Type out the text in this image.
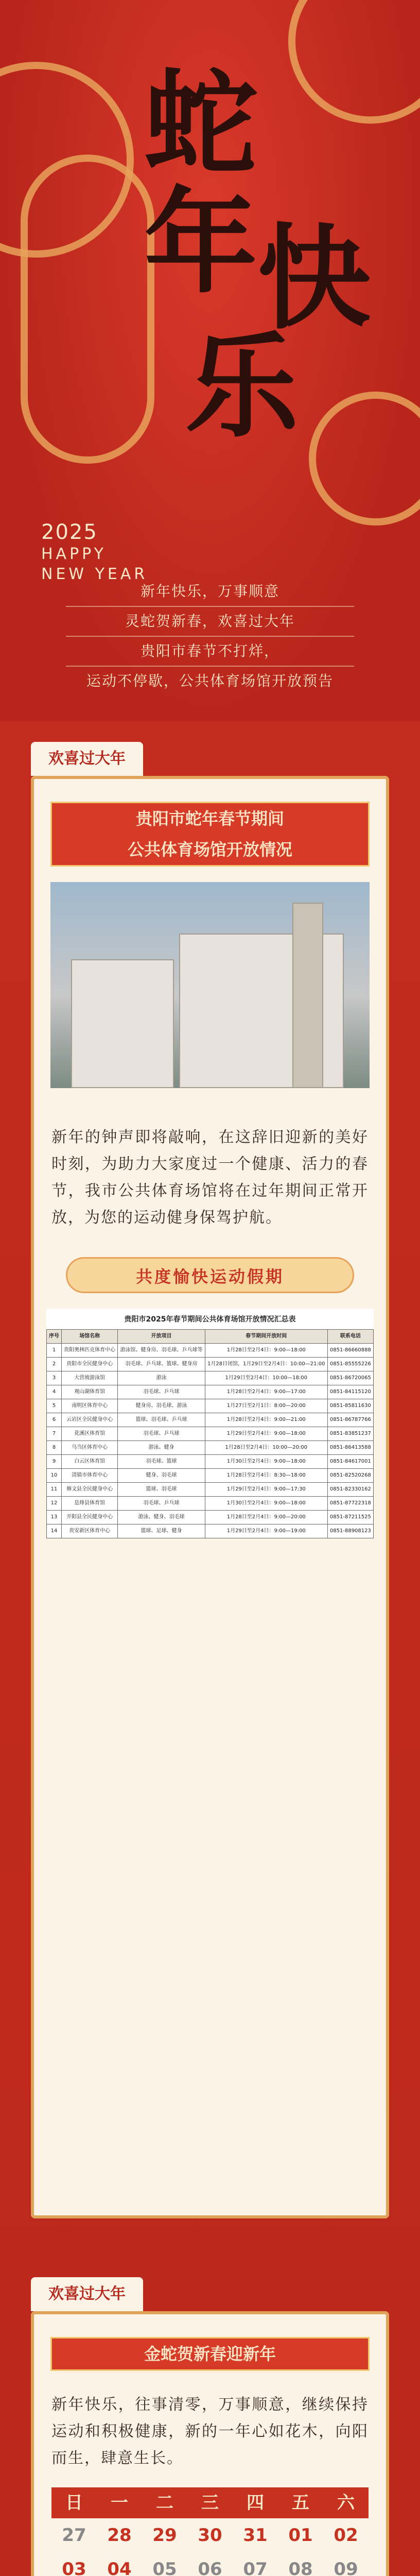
蛇
年 快
乐
2025
HAPPY
NEW YEAR
新年快乐，万事顺意
灵蛇贺新春，欢喜过大年
贵阳市春节不打烊，
运动不停歇，公共体育场馆开放预告
欢喜过大年
贵阳市蛇年春节期间
公共体育场馆开放情况
新年的钟声即将敲响，在这辞旧迎新的美好时刻，为助力大家度过一个健康、活力的春节，我市公共体育场馆将在过年期间正常开放，为您的运动健身保驾护航。
共度愉快运动假期
贵阳市2025年春节期间公共体育场馆开放情况汇总表
序号	场馆名称	开放项目	春节期间开放时间	联系电话
1	贵阳奥林匹克体育中心	游泳馆、健身房、羽毛球、乒乓球等	1月28日至2月4日：9:00—18:00	0851-86660888
2	贵阳市全民健身中心	羽毛球、乒乓球、篮球、健身房	1月28日闭馆，1月29日至2月4日：10:00—21:00	0851-85555226
3	大营坡游泳馆	游泳	1月29日至2月4日：10:00—18:00	0851-86720065
4	观山湖体育馆	羽毛球、乒乓球	1月28日至2月4日：9:00—17:00	0851-84115120
5	南明区体育中心	健身房、羽毛球、游泳	1月27日至2月1日：8:00—20:00	0851-85811630
6	云岩区全民健身中心	篮球、羽毛球、乒乓球	1月28日至2月4日：9:00—21:00	0851-86787766
7	花溪区体育馆	羽毛球、乒乓球	1月29日至2月4日：9:00—18:00	0851-83851237
8	乌当区体育中心	游泳、健身	1月28日至2月4日：10:00—20:00	0851-86413588
9	白云区体育馆	羽毛球、篮球	1月30日至2月4日：9:00—18:00	0851-84617001
10	清镇市体育中心	健身、羽毛球	1月28日至2月4日：8:30—18:00	0851-82520268
11	修文县全民健身中心	篮球、羽毛球	1月29日至2月4日：9:00—17:30	0851-82330162
12	息烽县体育馆	羽毛球、乒乓球	1月30日至2月4日：9:00—18:00	0851-87722318
13	开阳县全民健身中心	游泳、健身、羽毛球	1月28日至2月4日：9:00—20:00	0851-87211525
14	贵安新区体育中心	篮球、足球、健身	1月29日至2月4日：9:00—19:00	0851-88908123
欢喜过大年
金蛇贺新春迎新年
新年快乐，往事清零，万事顺意，继续保持运动和积极健康，新的一年心如花木，向阳而生，肆意生长。
日	一	二	三	四	五	六
27	28	29	30	31	01	02
03	04	05	06	07	08	09
